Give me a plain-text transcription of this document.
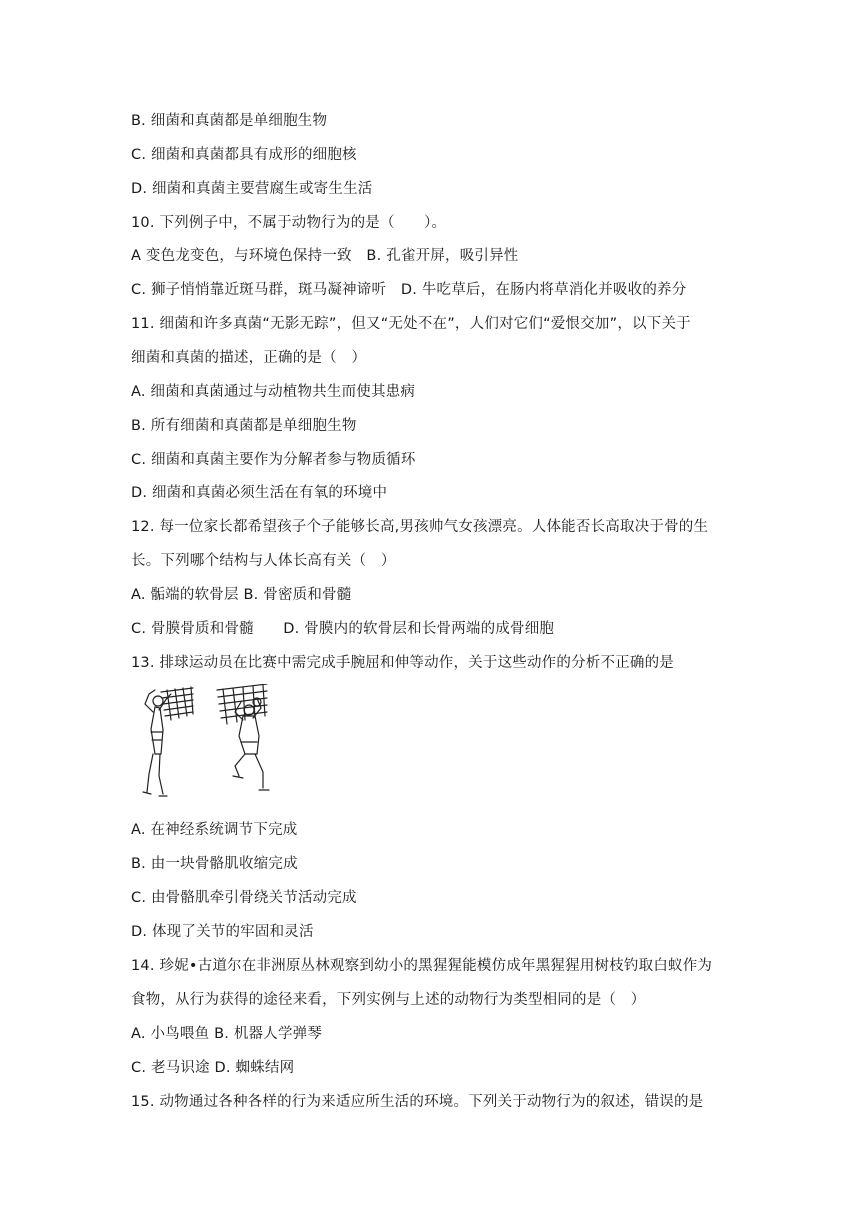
B. 细菌和真菌都是单细胞生物
C. 细菌和真菌都具有成形的细胞核
D. 细菌和真菌主要营腐生或寄生生活
10. 下列例子中，不属于动物行为的是（　　）。
A 变色龙变色，与环境色保持一致　B. 孔雀开屏，吸引异性
C. 狮子悄悄靠近斑马群，斑马凝神谛听　D. 牛吃草后，在肠内将草消化并吸收的养分
11. 细菌和许多真菌“无影无踪”，但又“无处不在”，人们对它们“爱恨交加”，以下关于
细菌和真菌的描述，正确的是（　）
A. 细菌和真菌通过与动植物共生而使其患病
B. 所有细菌和真菌都是单细胞生物
C. 细菌和真菌主要作为分解者参与物质循环
D. 细菌和真菌必须生活在有氧的环境中
12. 每一位家长都希望孩子个子能够长高,男孩帅气女孩漂亮。人体能否长高取决于骨的生
长。下列哪个结构与人体长高有关（　）
A. 骺端的软骨层 B. 骨密质和骨髓
C. 骨膜骨质和骨髓　　D. 骨膜内的软骨层和长骨两端的成骨细胞
13. 排球运动员在比赛中需完成手腕屈和伸等动作，关于这些动作的分析不正确的是
A. 在神经系统调节下完成
B. 由一块骨骼肌收缩完成
C. 由骨骼肌牵引骨绕关节活动完成
D. 体现了关节的牢固和灵活
14. 珍妮•古道尔在非洲原丛林观察到幼小的黑猩猩能模仿成年黑猩猩用树枝钓取白蚁作为
食物，从行为获得的途径来看，下列实例与上述的动物行为类型相同的是（　）
A. 小鸟喂鱼 B. 机器人学弹琴
C. 老马识途 D. 蜘蛛结网
15. 动物通过各种各样的行为来适应所生活的环境。下列关于动物行为的叙述，错误的是
